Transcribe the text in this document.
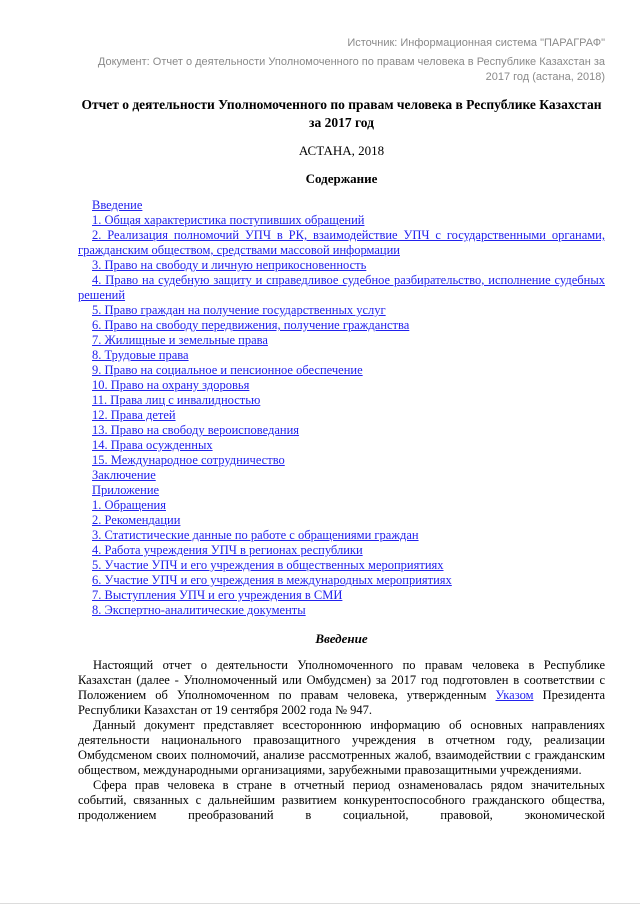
Источник: Информационная система "ПАРАГРАФ"
Документ: Отчет о деятельности Уполномоченного по правам человека в Республике Казахстан за 2017 год (астана, 2018)
Отчет о деятельности Уполномоченного по правам человека в Республике Казахстан за 2017 год
АСТАНА, 2018
Содержание
Введение
1. Общая характеристика поступивших обращений
2. Реализация полномочий УПЧ в РК, взаимодействие УПЧ с государственными органами, гражданским обществом, средствами массовой информации
3. Право на свободу и личную неприкосновенность
4. Право на судебную защиту и справедливое судебное разбирательство, исполнение судебных решений
5. Право граждан на получение государственных услуг
6. Право на свободу передвижения, получение гражданства
7. Жилищные и земельные права
8. Трудовые права
9. Право на социальное и пенсионное обеспечение
10. Право на охрану здоровья
11. Права лиц с инвалидностью
12. Права детей
13. Право на свободу вероисповедания
14. Права осужденных
15. Международное сотрудничество
Заключение
Приложение
1. Обращения
2. Рекомендации
3. Статистические данные по работе с обращениями граждан
4. Работа учреждения УПЧ в регионах республики
5. Участие УПЧ и его учреждения в общественных мероприятиях
6. Участие УПЧ и его учреждения в международных мероприятиях
7. Выступления УПЧ и его учреждения в СМИ
8. Экспертно-аналитические документы
Введение

Настоящий отчет о деятельности Уполномоченного по правам человека в Республике Казахстан (далее - Уполномоченный или Омбудсмен) за 2017 год подготовлен в соответствии с Положением об Уполномоченном по правам человека, утвержденным Указом Президента Республики Казахстан от 19 сентября 2002 года № 947.

Данный документ представляет всестороннюю информацию об основных направлениях деятельности национального правозащитного учреждения в отчетном году, реализации Омбудсменом своих полномочий, анализе рассмотренных жалоб, взаимодействии с гражданским обществом, международными организациями, зарубежными правозащитными учреждениями.

Сфера прав человека в стране в отчетный период ознаменовалась рядом значительных событий, связанных с дальнейшим развитием конкурентоспособного гражданского общества, продолжением преобразований в социальной, правовой, экономической
